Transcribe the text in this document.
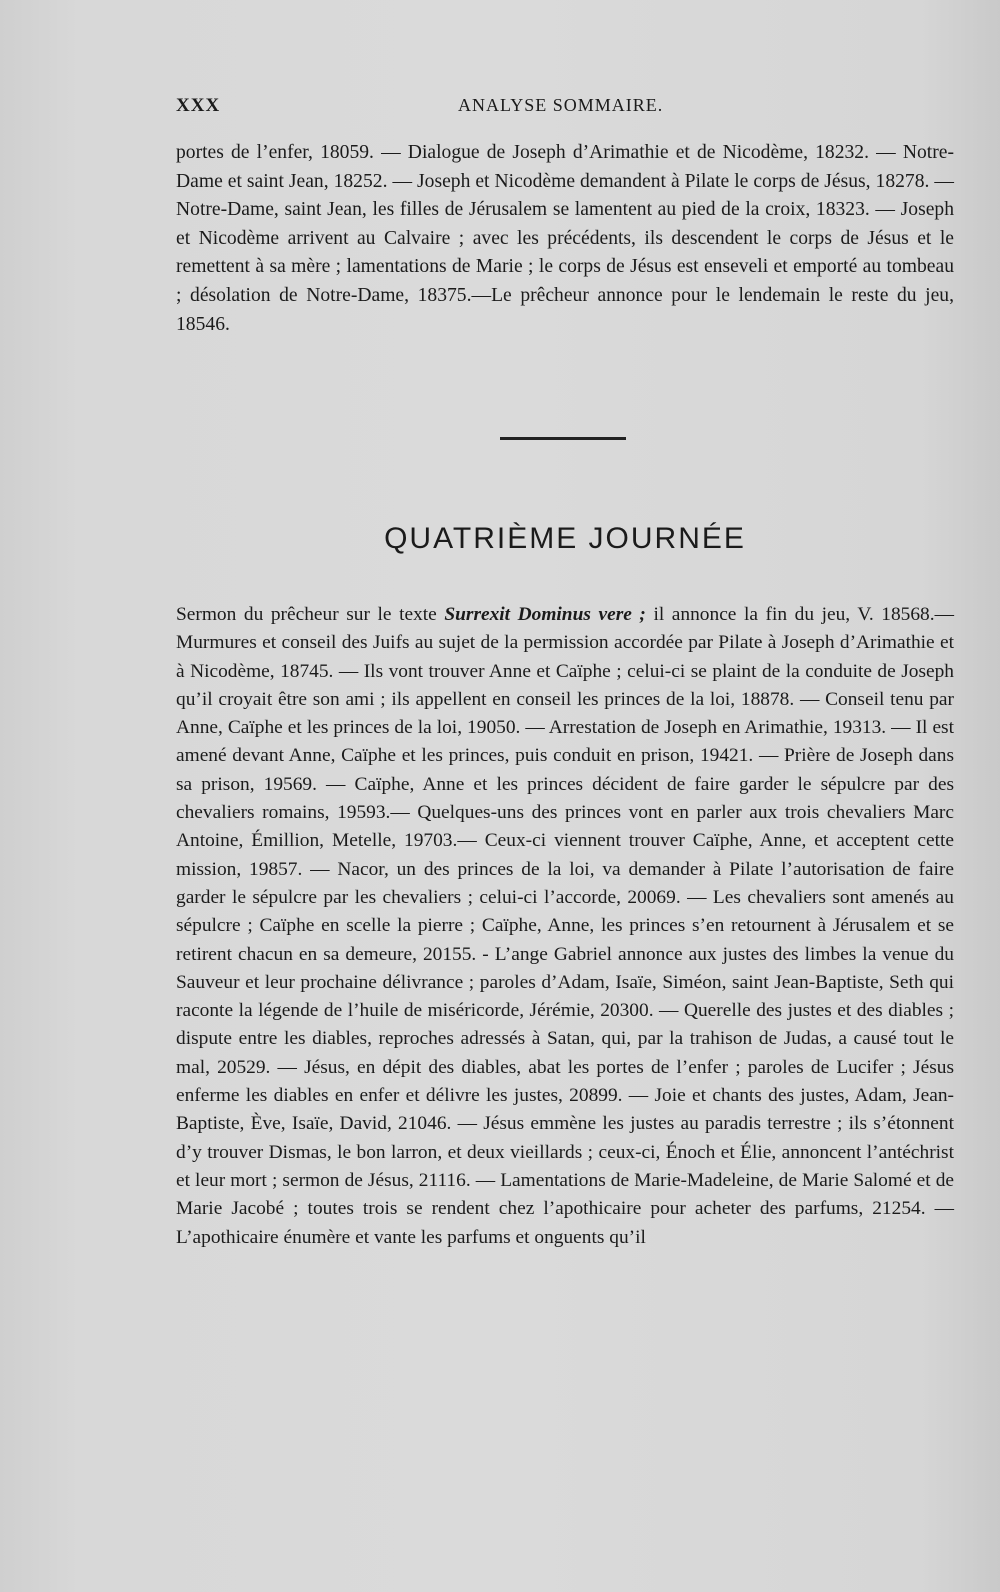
XXX	ANALYSE SOMMAIRE.
portes de l’enfer, 18059. — Dialogue de Joseph d’Arimathie et de Nicodème, 18232. — Notre-Dame et saint Jean, 18252. — Joseph et Nicodème demandent à Pilate le corps de Jésus, 18278. — Notre-Dame, saint Jean, les filles de Jérusalem se lamentent au pied de la croix, 18323. — Joseph et Nicodème arrivent au Calvaire ; avec les précédents, ils descendent le corps de Jésus et le remettent à sa mère ; lamentations de Marie ; le corps de Jésus est enseveli et emporté au tombeau ; désolation de Notre-Dame, 18375.—Le prêcheur annonce pour le lendemain le reste du jeu, 18546.
QUATRIÈME JOURNÉE
Sermon du prêcheur sur le texte Surrexit Dominus vere ; il annonce la fin du jeu, V. 18568.—Murmures et conseil des Juifs au sujet de la permission accordée par Pilate à Joseph d’Arimathie et à Nicodème, 18745. — Ils vont trouver Anne et Caïphe ; celui-ci se plaint de la conduite de Joseph qu’il croyait être son ami ; ils appellent en conseil les princes de la loi, 18878. — Conseil tenu par Anne, Caïphe et les princes de la loi, 19050. — Arrestation de Joseph en Arimathie, 19313. — Il est amené devant Anne, Caïphe et les princes, puis conduit en prison, 19421. — Prière de Joseph dans sa prison, 19569. — Caïphe, Anne et les princes décident de faire garder le sépulcre par des chevaliers romains, 19593.— Quelques-uns des princes vont en parler aux trois chevaliers Marc Antoine, Émillion, Metelle, 19703.— Ceux-ci viennent trouver Caïphe, Anne, et acceptent cette mission, 19857. — Nacor, un des princes de la loi, va demander à Pilate l’autorisation de faire garder le sépulcre par les chevaliers ; celui-ci l’accorde, 20069. — Les chevaliers sont amenés au sépulcre ; Caïphe en scelle la pierre ; Caïphe, Anne, les princes s’en retournent à Jérusalem et se retirent chacun en sa demeure, 20155. - L’ange Gabriel annonce aux justes des limbes la venue du Sauveur et leur prochaine délivrance ; paroles d’Adam, Isaïe, Siméon, saint Jean-Baptiste, Seth qui raconte la légende de l’huile de miséricorde, Jérémie, 20300. — Querelle des justes et des diables ; dispute entre les diables, reproches adressés à Satan, qui, par la trahison de Judas, a causé tout le mal, 20529. — Jésus, en dépit des diables, abat les portes de l’enfer ; paroles de Lucifer ; Jésus enferme les diables en enfer et délivre les justes, 20899. — Joie et chants des justes, Adam, Jean-Baptiste, Ève, Isaïe, David, 21046. — Jésus emmène les justes au paradis terrestre ; ils s’étonnent d’y trouver Dismas, le bon larron, et deux vieillards ; ceux-ci, Énoch et Élie, annoncent l’antéchrist et leur mort ; sermon de Jésus, 21116. — Lamentations de Marie-Madeleine, de Marie Salomé et de Marie Jacobé ; toutes trois se rendent chez l’apothicaire pour acheter des parfums, 21254. — L’apothicaire énumère et vante les parfums et onguents qu’il
